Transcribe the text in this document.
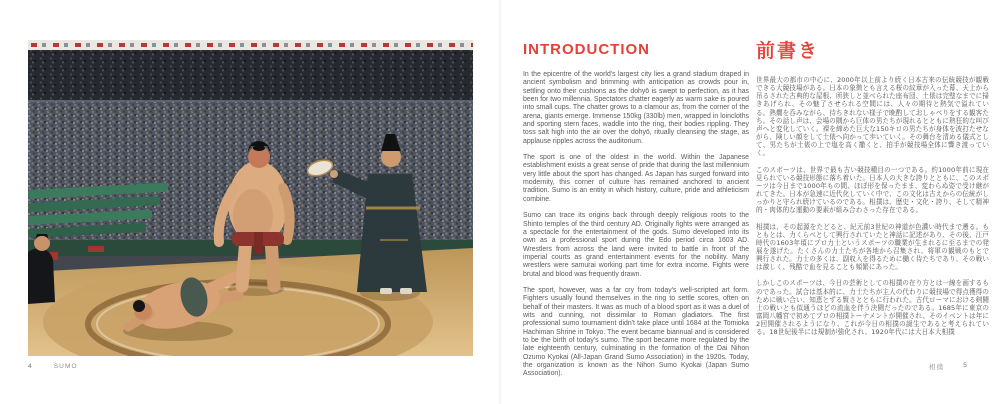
4	SUMO
INTRODUCTION

In the epicentre of the world's largest city lies a grand stadium draped in ancient symbolism and brimming with anticipation as crowds pour in, settling onto their cushions as the dohyō is swept to perfection, as it has been for two millennia. Spectators chatter eagerly as warm sake is poured into small cups. The chatter grows to a clamour as, from the corner of the arena, giants emerge. Immense 150kg (330lb) men, wrapped in loincloths and sporting stern faces, waddle into the ring, their bodies rippling. They toss salt high into the air over the dohyō, ritually cleansing the stage, as applause ripples across the auditorium.

The sport is one of the oldest in the world. Within the Japanese establishment exists a great sense of pride that during the last millennium very little about the sport has changed. As Japan has surged forward into modernity, this corner of culture has remained anchored to ancient tradition. Sumo is an entity in which history, culture, pride and athleticism combine.

Sumo can trace its origins back through deeply religious roots to the Shinto temples of the third century AD. Originally fights were arranged as a spectacle for the entertainment of the gods. Sumo developed into its own as a professional sport during the Edo period circa 1603 AD. Wrestlers from across the land were invited to battle in front of the imperial courts as grand entertainment events for the nobility. Many wrestlers were samurai working part time for extra income. Fights were brutal and blood was frequently drawn.

The sport, however, was a far cry from today's well-scripted art form. Fighters usually found themselves in the ring to settle scores, often on behalf of their masters. It was as much of a blood sport as it was a duel of wits and cunning, not dissimilar to Roman gladiators. The first professional sumo tournament didn't take place until 1684 at the Tomioka Hachiman Shrine in Tokyo. The event became biannual and is considered to be the birth of today's sumo. The sport became more regulated by the late eighteenth century, culminating in the formation of the Dai Nihon Ozumo Kyokai (All-Japan Grand Sumo Association) in the 1920s. Today, the organization is known as the Nihon Sumo Kyokai (Japan Sumo Association).

前書き

世界最大の都市の中心に、2000年以上前より続く日本古来の伝統競技が観戦できる大競技場がある。日本の象徴とも言える桜の紋章が入った幕、天上から吊るされた古典的な屋根、所狭しと並べられた座布団、土俵は完璧なまでに掃きあげられ、その魅了させられる空間には、人々の期待と熱気で溢れている。熱燗を呑みながら、待ちきれない様子で晩酌しておしゃべりをする観客たち。その話し声は、会場の隅から巨体の男たちが現れるとともに熱狂的な叫び声へと変化していく。裸を締めた巨大な150キロの男たちが身体を波打たせながら、険しい顔をして土俵へ向かって歩いていく。その舞台を清める儀式として、男たちが土俵の上で塩を高く撒くと、拍手が競技場全体に響き渡っていく。

このスポーツは、世界で最も古い競技種目の一つである。約1000年前に現在見られている競技形態に落ち着いた。日本人の大きな誇りとともに、このスポーツは今日まで1000年もの間、ほぼ形を保ったまま、変わらぬ姿で受け継がれてきた。日本が急速に近代化していく中で、この文化は古えからの伝統がしっかりと守られ続けているのである。相撲は、歴史・文化・誇り、そして精神的・肉体的な運動の要素が組み合わさった存在である。

相撲は、その起源をたどると、紀元前3世紀の神道が色濃い時代まで遡る。もともとは、力くらべとして興行されていたと神話に記述があり、その後、江戸時代の1603年頃にプロ力士というスポーツの職業が生まれるに至るまでの発展を遂げた。たくさんの力士たちが各地から召集され、将軍の観戦のもとで興行された。力士の多くは、副収入を得るために働く侍たちであり、その戦いは激しく、残酷で血を見ることも頻繁にあった。

しかしこのスポーツは、今日の芸術としての相撲の在り方とは一線を画するものであった。試合は基本的に、力士たちが主人の代わりに競技場で得点獲得のために戦い合い、知恵とずる賢さとともに行われた。古代ローマにおける剣闘士の戦いとも似通うほどの流血を伴う決闘だったのである。1685年に東京の富岡八幡宮で初めてプロの相撲トーナメントが開催され、そのイベントは年に2回開催されるようになり、これが今日の相撲の誕生であると考えられている。18世紀後半には規制が強化され、1920年代には大日本大相撲

相撲	5
